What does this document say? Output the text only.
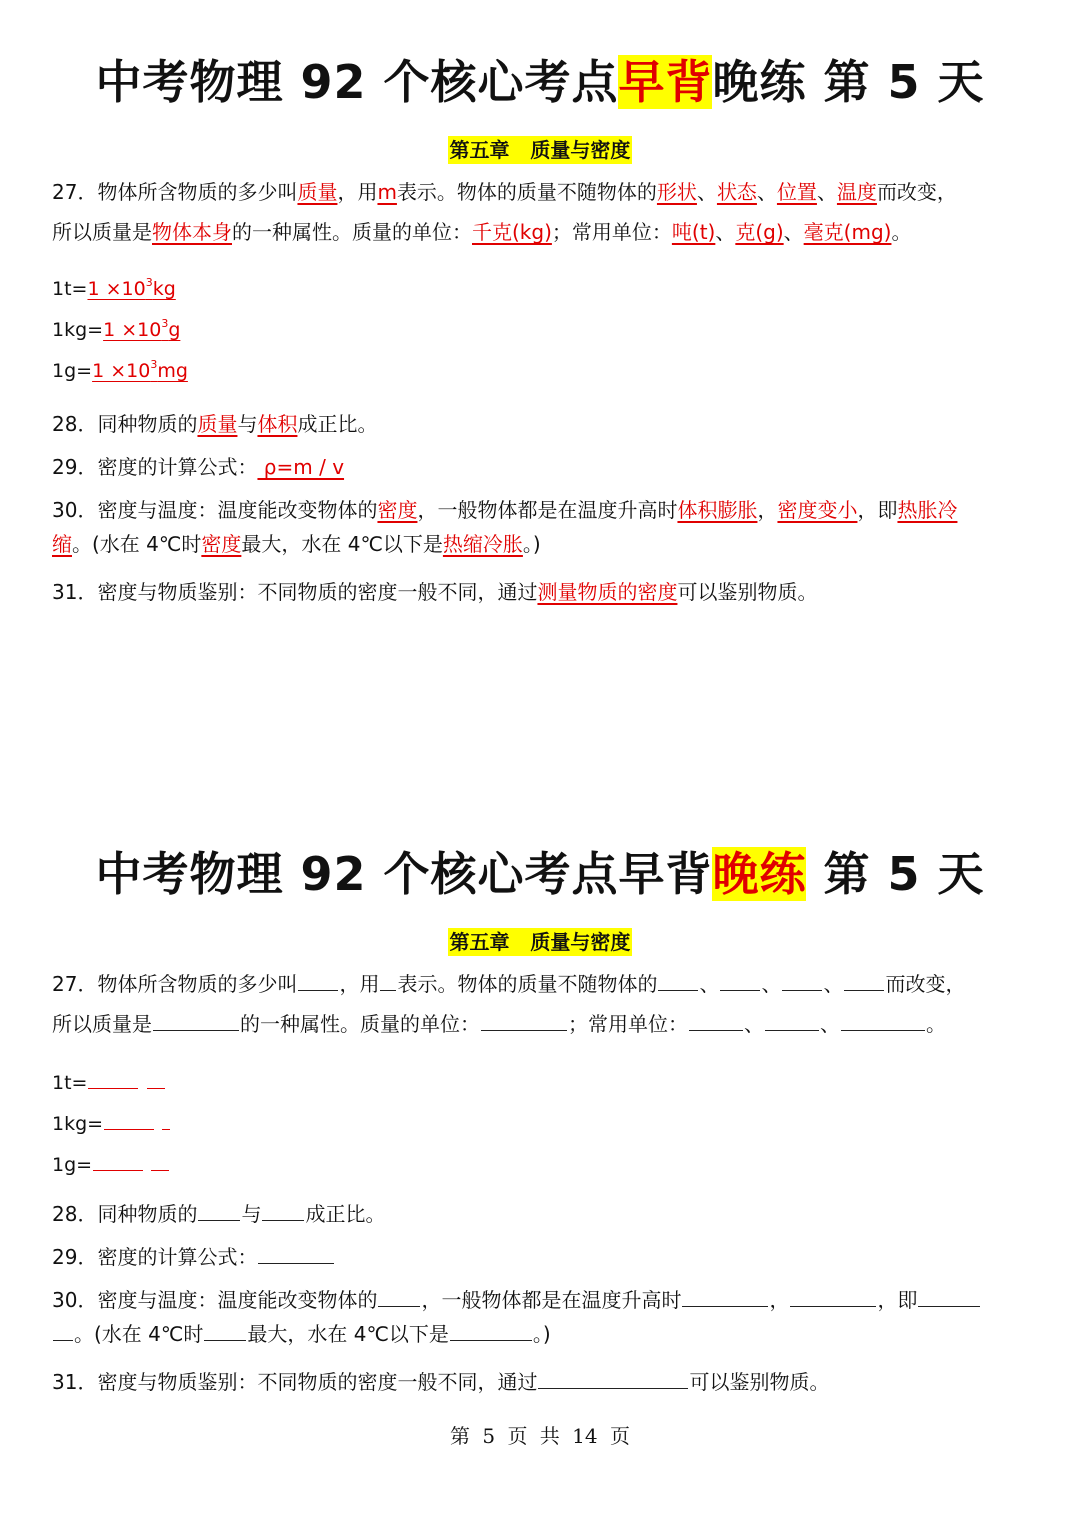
中考物理 92 个核心考点早背晚练 第 5 天
第五章   质量与密度
27．物体所含物质的多少叫质量，用m表示。物体的质量不随物体的形状、状态、位置、温度而改变，
所以质量是物体本身的一种属性。质量的单位：千克(kg)；常用单位：吨(t)、克(g)、毫克(mg)。
$1t=1 \times 10^3kg$
$1kg=1 \times 10^3g$
$1g=1 \times 10^3mg$
28．同种物质的质量与体积成正比。
29．密度的计算公式： ρ=m / v
30．密度与温度：温度能改变物体的密度，一般物体都是在温度升高时体积膨胀，密度变小，即热胀冷
缩。(水在 4℃时密度最大，水在 4℃以下是热缩冷胀。)
31．密度与物质鉴别：不同物质的密度一般不同，通过测量物质的密度可以鉴别物质。
中考物理 92 个核心考点早背晚练 第 5 天
第五章   质量与密度
27．物体所含物质的多少叫 ，用 表示。物体的质量不随物体的 、 、 、 而改变，
所以质量是	的一种属性。质量的单位：	；常用单位：	、	、	。
1t=
1kg=
1g=
28．同种物质的 与 成正比。
29．密度的计算公式：
30．密度与温度：温度能改变物体的 ，一般物体都是在温度升高时	，	，即
。(水在 4℃时 最大，水在 4℃以下是	。)
31．密度与物质鉴别：不同物质的密度一般不同，通过	可以鉴别物质。
第 5 页 共 14 页
